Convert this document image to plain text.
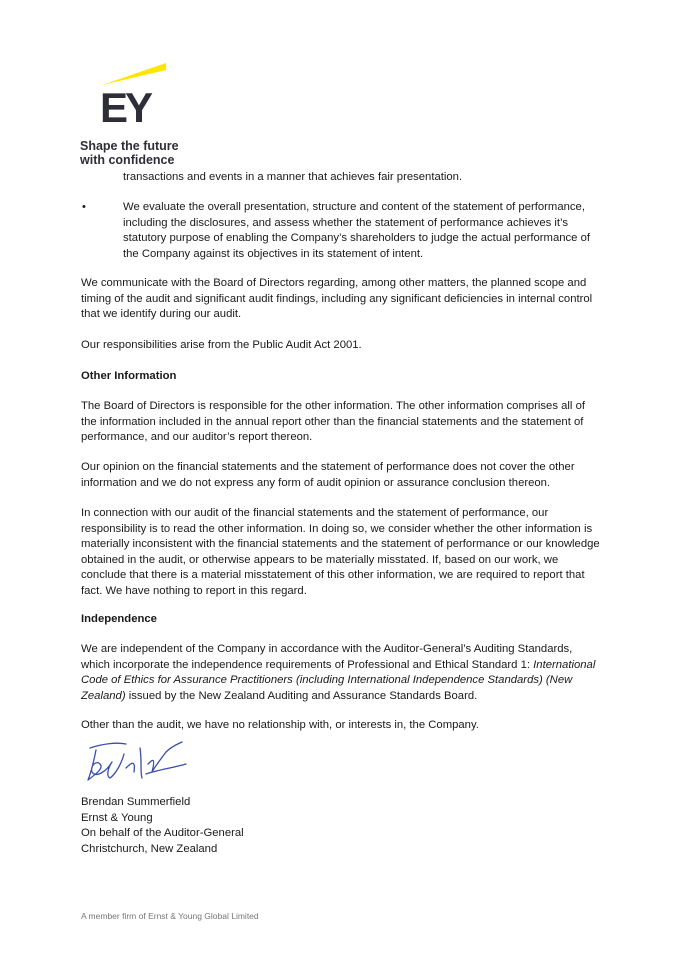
EY
Shape the future
with confidence
transactions and events in a manner that achieves fair presentation.
•	We evaluate the overall presentation, structure and content of the statement of performance, including the disclosures, and assess whether the statement of performance achieves it’s statutory purpose of enabling the Company’s shareholders to judge the actual performance of the Company against its objectives in its statement of intent.
We communicate with the Board of Directors regarding, among other matters, the planned scope and timing of the audit and significant audit findings, including any significant deficiencies in internal control that we identify during our audit.
Our responsibilities arise from the Public Audit Act 2001.
Other Information
The Board of Directors is responsible for the other information. The other information comprises all of the information included in the annual report other than the financial statements and the statement of performance, and our auditor’s report thereon.
Our opinion on the financial statements and the statement of performance does not cover the other information and we do not express any form of audit opinion or assurance conclusion thereon.
In connection with our audit of the financial statements and the statement of performance, our responsibility is to read the other information. In doing so, we consider whether the other information is materially inconsistent with the financial statements and the statement of performance or our knowledge obtained in the audit, or otherwise appears to be materially misstated. If, based on our work, we conclude that there is a material misstatement of this other information, we are required to report that fact. We have nothing to report in this regard.
Independence
We are independent of the Company in accordance with the Auditor-General’s Auditing Standards, which incorporate the independence requirements of Professional and Ethical Standard 1: International Code of Ethics for Assurance Practitioners (including International Independence Standards) (New Zealand) issued by the New Zealand Auditing and Assurance Standards Board.
Other than the audit, we have no relationship with, or interests in, the Company.
Brendan Summerfield
Ernst & Young
On behalf of the Auditor-General
Christchurch, New Zealand
A member firm of Ernst & Young Global Limited
